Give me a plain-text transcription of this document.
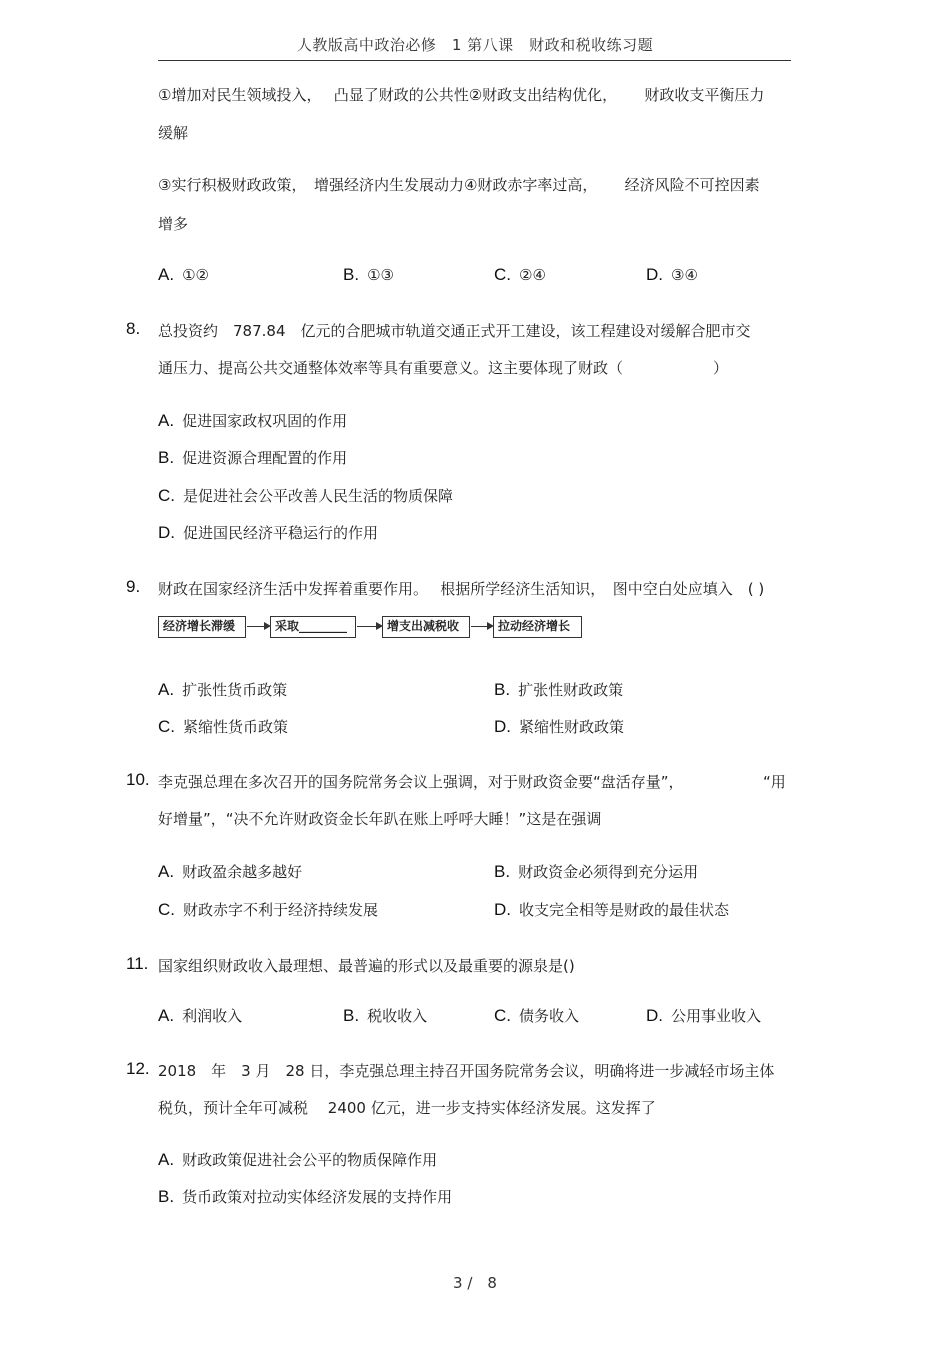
人教版高中政治必修　1 第八课　财政和税收练习题
①增加对民生领域投入，　 凸显了财政的公共性②财政支出结构优化，　　 财政收支平衡压力
缓解
③实行积极财政政策，　增强经济内生发展动力④财政赤字率过高，　　 经济风险不可控因素
增多
A. ①②	B. ①③	C. ②④	D. ③④
8. 总投资约　787.84　亿元的合肥城市轨道交通正式开工建设，该工程建设对缓解合肥市交
通压力、提高公共交通整体效率等具有重要意义。这主要体现了财政（　　　　　　）
A. 促进国家政权巩固的作用
B. 促进资源合理配置的作用
C. 是促进社会公平改善人民生活的物质保障
D. 促进国民经济平稳运行的作用
9. 财政在国家经济生活中发挥着重要作用。　 根据所学经济生活知识，　图中空白处应填入　( )
经济增长滞缓	采取________	增支出减税收	拉动经济增长
A. 扩张性货币政策	B. 扩张性财政政策
C. 紧缩性货币政策	D. 紧缩性财政政策
10. 李克强总理在多次召开的国务院常务会议上强调，对于财政资金要“盘活存量”，	“用
好增量”，“决不允许财政资金长年趴在账上呼呼大睡！”这是在强调
A. 财政盈余越多越好	B. 财政资金必须得到充分运用
C. 财政赤字不利于经济持续发展	D. 收支完全相等是财政的最佳状态
11. 国家组织财政收入最理想、最普遍的形式以及最重要的源泉是()
A. 利润收入	B. 税收收入	C. 债务收入	D. 公用事业收入
12. 2018　年　3 月　28 日，李克强总理主持召开国务院常务会议，明确将进一步减轻市场主体
税负，预计全年可减税　 2400 亿元，进一步支持实体经济发展。这发挥了
A. 财政政策促进社会公平的物质保障作用
B. 货币政策对拉动实体经济发展的支持作用
3 /　8
